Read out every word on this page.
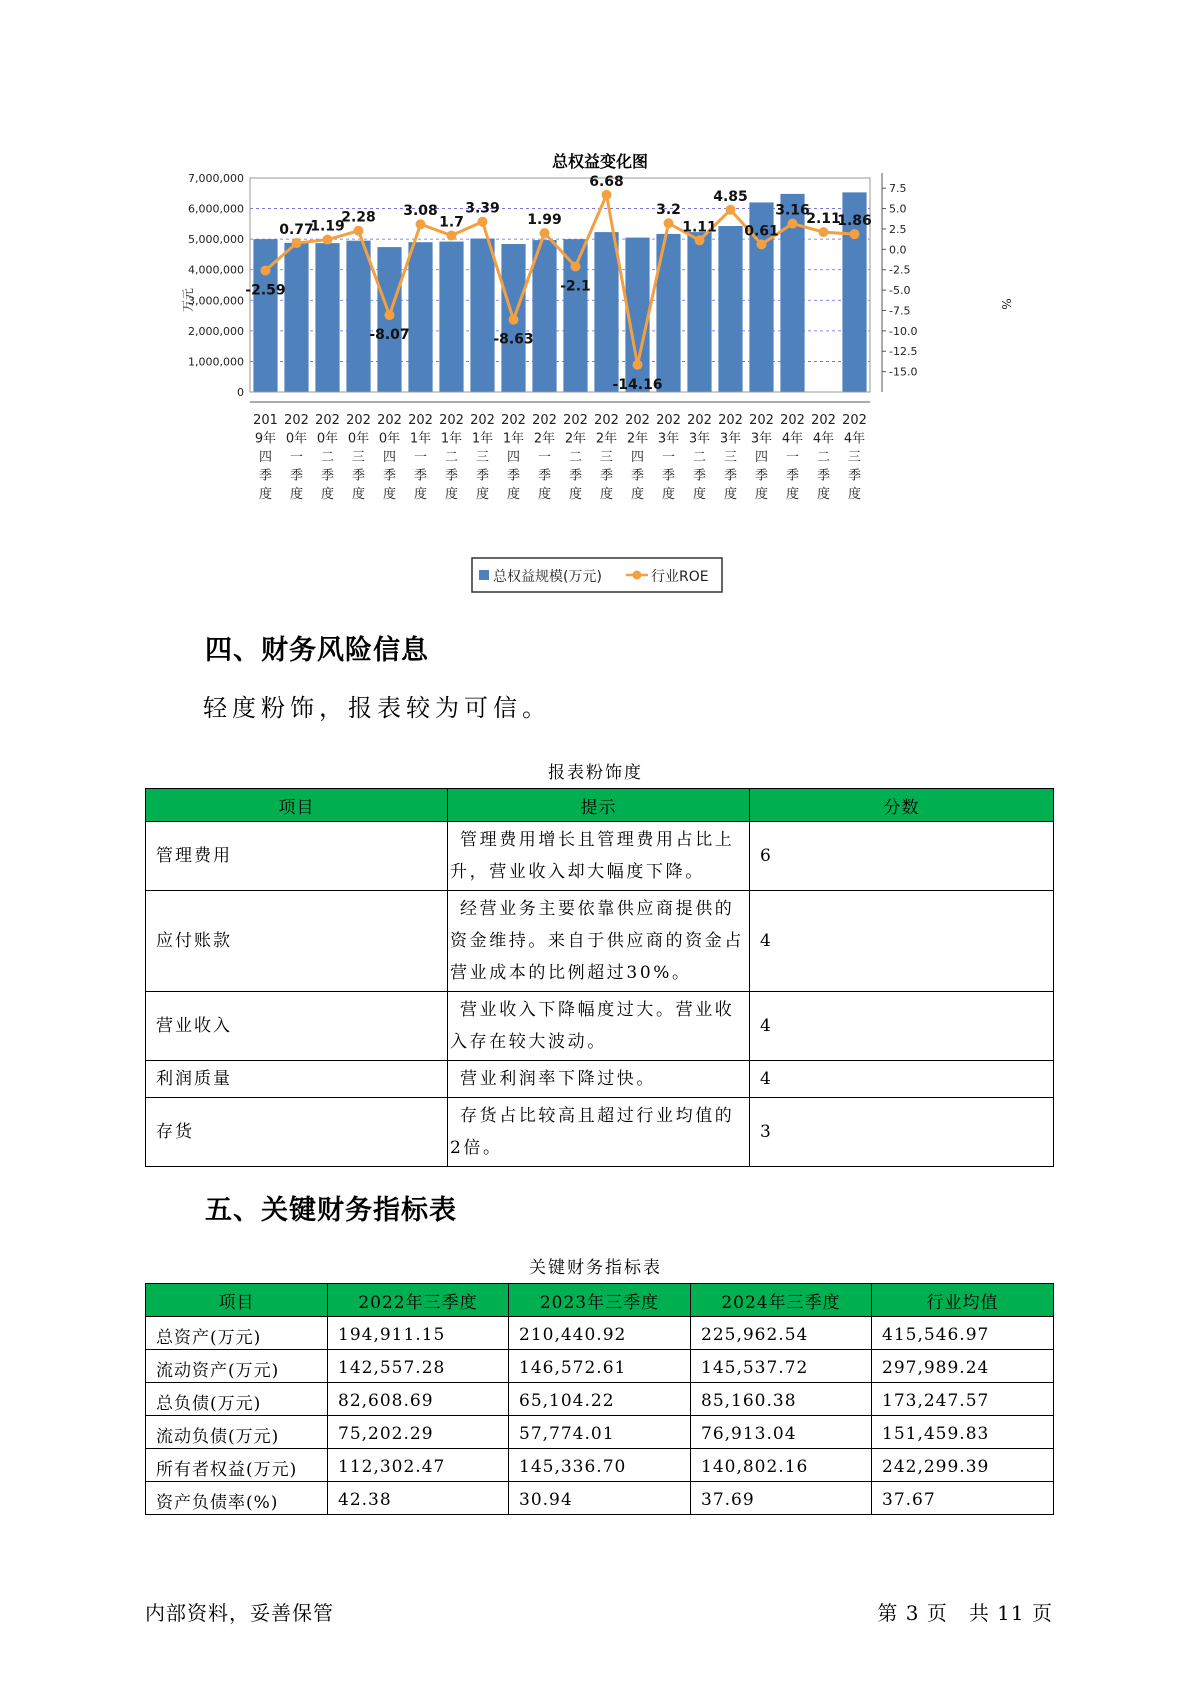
总权益变化图
0
1,000,000
2,000,000
3,000,000
4,000,000
5,000,000
6,000,000
7,000,000
7.5
5.0
2.5
0.0
-2.5
-5.0
-7.5
-10.0
-12.5
-15.0
201 9年四季度
202 0年一季度
202 0年二季度
202 0年三季度
202 0年四季度
202 1年一季度
202 1年二季度
202 1年三季度
202 1年四季度
202 2年一季度
202 2年二季度
202 2年三季度
202 2年四季度
202 3年一季度
202 3年二季度
202 3年三季度
202 3年四季度
202 4年一季度
202 4年二季度
202 4年三季度
-2.59
0.77
1.19
2.28
-8.07
3.08
1.7
3.39
-8.63
1.99
-2.1
6.68
-14.16
3.2
1.11
4.85
0.61
3.16
2.11
1.86
万元	%
总权益规模(万元)	行业ROE
四、财务风险信息
轻度粉饰，报表较为可信。
报表粉饰度
项目	提示	分数
管理费用	管理费用增长且管理费用占比上升，营业收入却大幅度下降。	6
应付账款	经营业务主要依靠供应商提供的资金维持。来自于供应商的资金占营业成本的比例超过30%。	4
营业收入	营业收入下降幅度过大。营业收入存在较大波动。	4
利润质量	营业利润率下降过快。	4
存货	存货占比较高且超过行业均值的2倍。	3
五、关键财务指标表
关键财务指标表
项目	2022年三季度	2023年三季度	2024年三季度	行业均值
总资产(万元)	194,911.15	210,440.92	225,962.54	415,546.97
流动资产(万元)	142,557.28	146,572.61	145,537.72	297,989.24
总负债(万元)	82,608.69	65,104.22	85,160.38	173,247.57
流动负债(万元)	75,202.29	57,774.01	76,913.04	151,459.83
所有者权益(万元)	112,302.47	145,336.70	140,802.16	242,299.39
资产负债率(%)	42.38	30.94	37.69	37.67
内部资料，妥善保管	第 3 页　共 11 页
